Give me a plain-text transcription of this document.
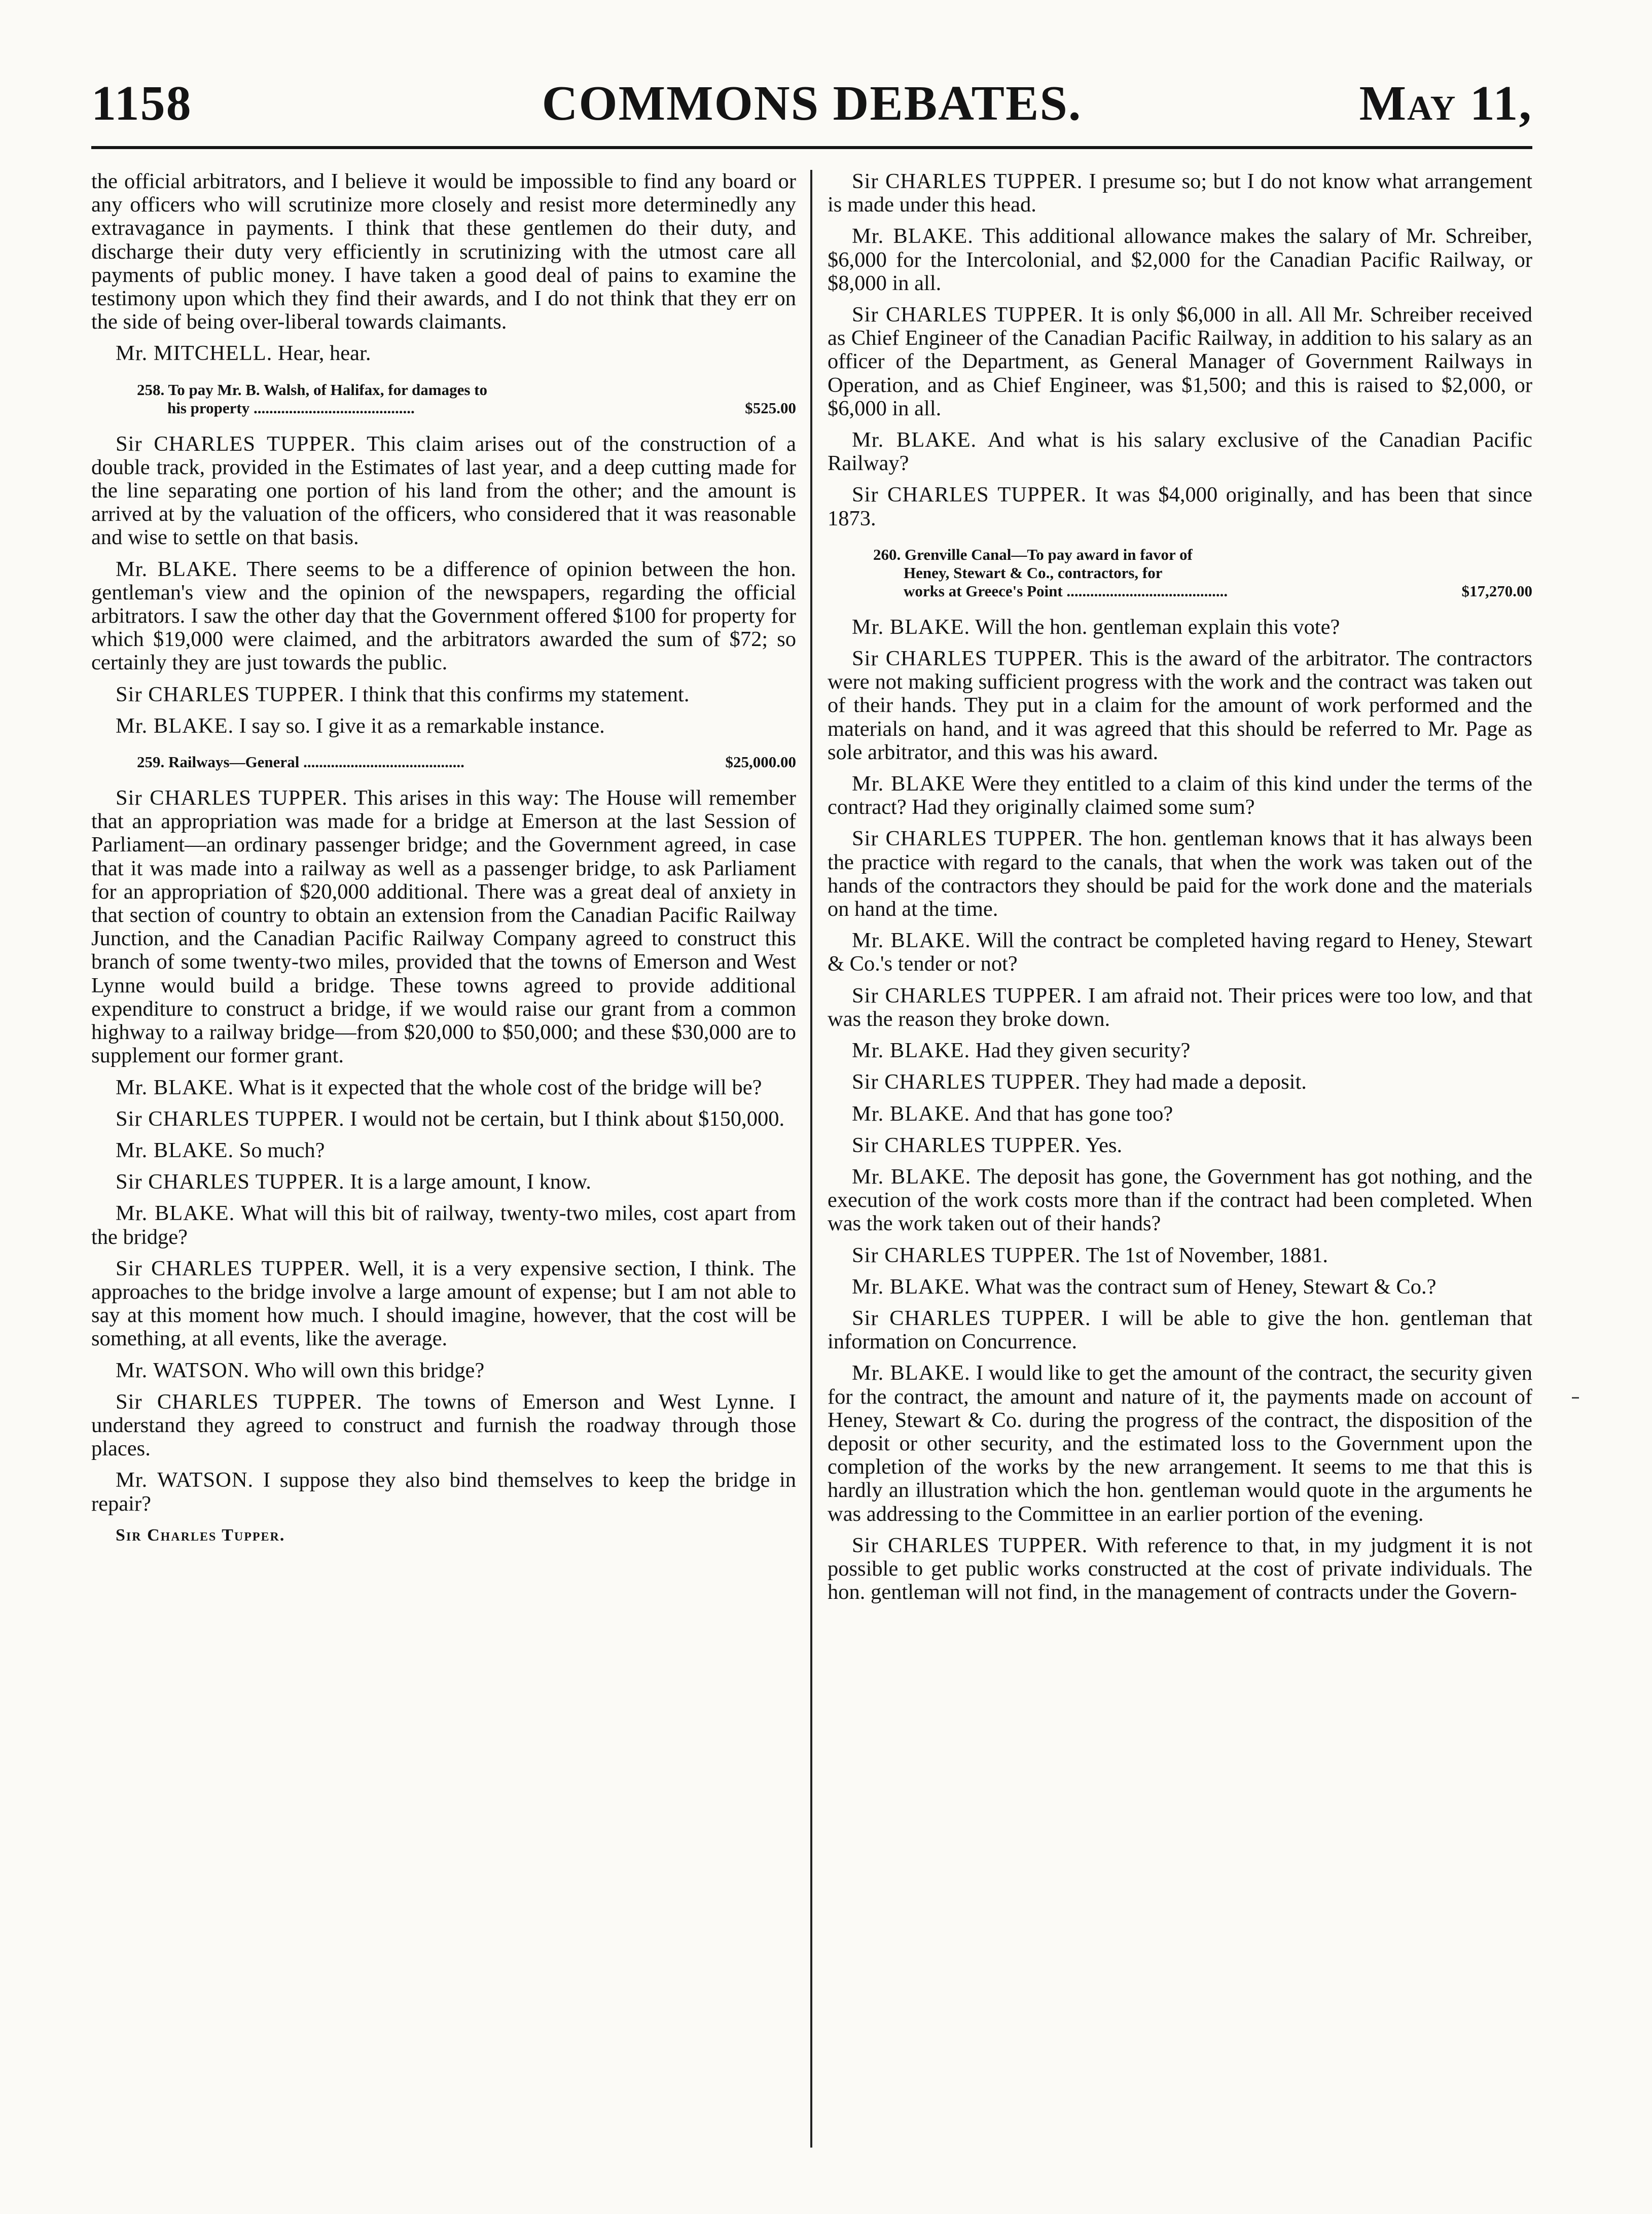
1158	COMMONS DEBATES.	May 11,

the official arbitrators, and I believe it would be impossible to find any board or any officers who will scrutinize more closely and resist more determinedly any extravagance in payments. I think that these gentlemen do their duty, and discharge their duty very efficiently in scrutinizing with the utmost care all payments of public money. I have taken a good deal of pains to examine the testimony upon which they find their awards, and I do not think that they err on the side of being over-liberal towards claimants.

Mr. MITCHELL. Hear, hear.

258. To pay Mr. B. Walsh, of Halifax, for damages to
his property .........................................	$525.00

Sir CHARLES TUPPER. This claim arises out of the construction of a double track, provided in the Estimates of last year, and a deep cutting made for the line separating one portion of his land from the other; and the amount is arrived at by the valuation of the officers, who considered that it was reasonable and wise to settle on that basis.

Mr. BLAKE. There seems to be a difference of opinion between the hon. gentleman's view and the opinion of the newspapers, regarding the official arbitrators. I saw the other day that the Government offered $100 for property for which $19,000 were claimed, and the arbitrators awarded the sum of $72; so certainly they are just towards the public.

Sir CHARLES TUPPER. I think that this confirms my statement.

Mr. BLAKE. I say so. I give it as a remarkable instance.

259. Railways—General .........................................	$25,000.00

Sir CHARLES TUPPER. This arises in this way: The House will remember that an appropriation was made for a bridge at Emerson at the last Session of Parliament—an ordinary passenger bridge; and the Government agreed, in case that it was made into a railway as well as a passenger bridge, to ask Parliament for an appropriation of $20,000 additional. There was a great deal of anxiety in that section of country to obtain an extension from the Canadian Pacific Railway Junction, and the Canadian Pacific Railway Company agreed to construct this branch of some twenty-two miles, provided that the towns of Emerson and West Lynne would build a bridge. These towns agreed to provide additional expenditure to construct a bridge, if we would raise our grant from a common highway to a railway bridge—from $20,000 to $50,000; and these $30,000 are to supplement our former grant.

Mr. BLAKE. What is it expected that the whole cost of the bridge will be?

Sir CHARLES TUPPER. I would not be certain, but I think about $150,000.

Mr. BLAKE. So much?

Sir CHARLES TUPPER. It is a large amount, I know.

Mr. BLAKE. What will this bit of railway, twenty-two miles, cost apart from the bridge?

Sir CHARLES TUPPER. Well, it is a very expensive section, I think. The approaches to the bridge involve a large amount of expense; but I am not able to say at this moment how much. I should imagine, however, that the cost will be something, at all events, like the average.

Mr. WATSON. Who will own this bridge?

Sir CHARLES TUPPER. The towns of Emerson and West Lynne. I understand they agreed to construct and furnish the roadway through those places.

Mr. WATSON. I suppose they also bind themselves to keep the bridge in repair?

Sir Charles Tupper.

Sir CHARLES TUPPER. I presume so; but I do not know what arrangement is made under this head.

Mr. BLAKE. This additional allowance makes the salary of Mr. Schreiber, $6,000 for the Intercolonial, and $2,000 for the Canadian Pacific Railway, or $8,000 in all.

Sir CHARLES TUPPER. It is only $6,000 in all. All Mr. Schreiber received as Chief Engineer of the Canadian Pacific Railway, in addition to his salary as an officer of the Department, as General Manager of Government Railways in Operation, and as Chief Engineer, was $1,500; and this is raised to $2,000, or $6,000 in all.

Mr. BLAKE. And what is his salary exclusive of the Canadian Pacific Railway?

Sir CHARLES TUPPER. It was $4,000 originally, and has been that since 1873.

260. Grenville Canal—To pay award in favor of
Heney, Stewart & Co., contractors, for
works at Greece's Point .........................................	$17,270.00

Mr. BLAKE. Will the hon. gentleman explain this vote?

Sir CHARLES TUPPER. This is the award of the arbitrator. The contractors were not making sufficient progress with the work and the contract was taken out of their hands. They put in a claim for the amount of work performed and the materials on hand, and it was agreed that this should be referred to Mr. Page as sole arbitrator, and this was his award.

Mr. BLAKE Were they entitled to a claim of this kind under the terms of the contract? Had they originally claimed some sum?

Sir CHARLES TUPPER. The hon. gentleman knows that it has always been the practice with regard to the canals, that when the work was taken out of the hands of the contractors they should be paid for the work done and the materials on hand at the time.

Mr. BLAKE. Will the contract be completed having regard to Heney, Stewart & Co.'s tender or not?

Sir CHARLES TUPPER. I am afraid not. Their prices were too low, and that was the reason they broke down.

Mr. BLAKE. Had they given security?

Sir CHARLES TUPPER. They had made a deposit.

Mr. BLAKE. And that has gone too?

Sir CHARLES TUPPER. Yes.

Mr. BLAKE. The deposit has gone, the Government has got nothing, and the execution of the work costs more than if the contract had been completed. When was the work taken out of their hands?

Sir CHARLES TUPPER. The 1st of November, 1881.

Mr. BLAKE. What was the contract sum of Heney, Stewart & Co.?

Sir CHARLES TUPPER. I will be able to give the hon. gentleman that information on Concurrence.

Mr. BLAKE. I would like to get the amount of the contract, the security given for the contract, the amount and nature of it, the payments made on account of Heney, Stewart & Co. during the progress of the contract, the disposition of the deposit or other security, and the estimated loss to the Government upon the completion of the works by the new arrangement. It seems to me that this is hardly an illustration which the hon. gentleman would quote in the arguments he was addressing to the Committee in an earlier portion of the evening.

Sir CHARLES TUPPER. With reference to that, in my judgment it is not possible to get public works constructed at the cost of private individuals. The hon. gentleman will not find, in the management of contracts under the Govern-
